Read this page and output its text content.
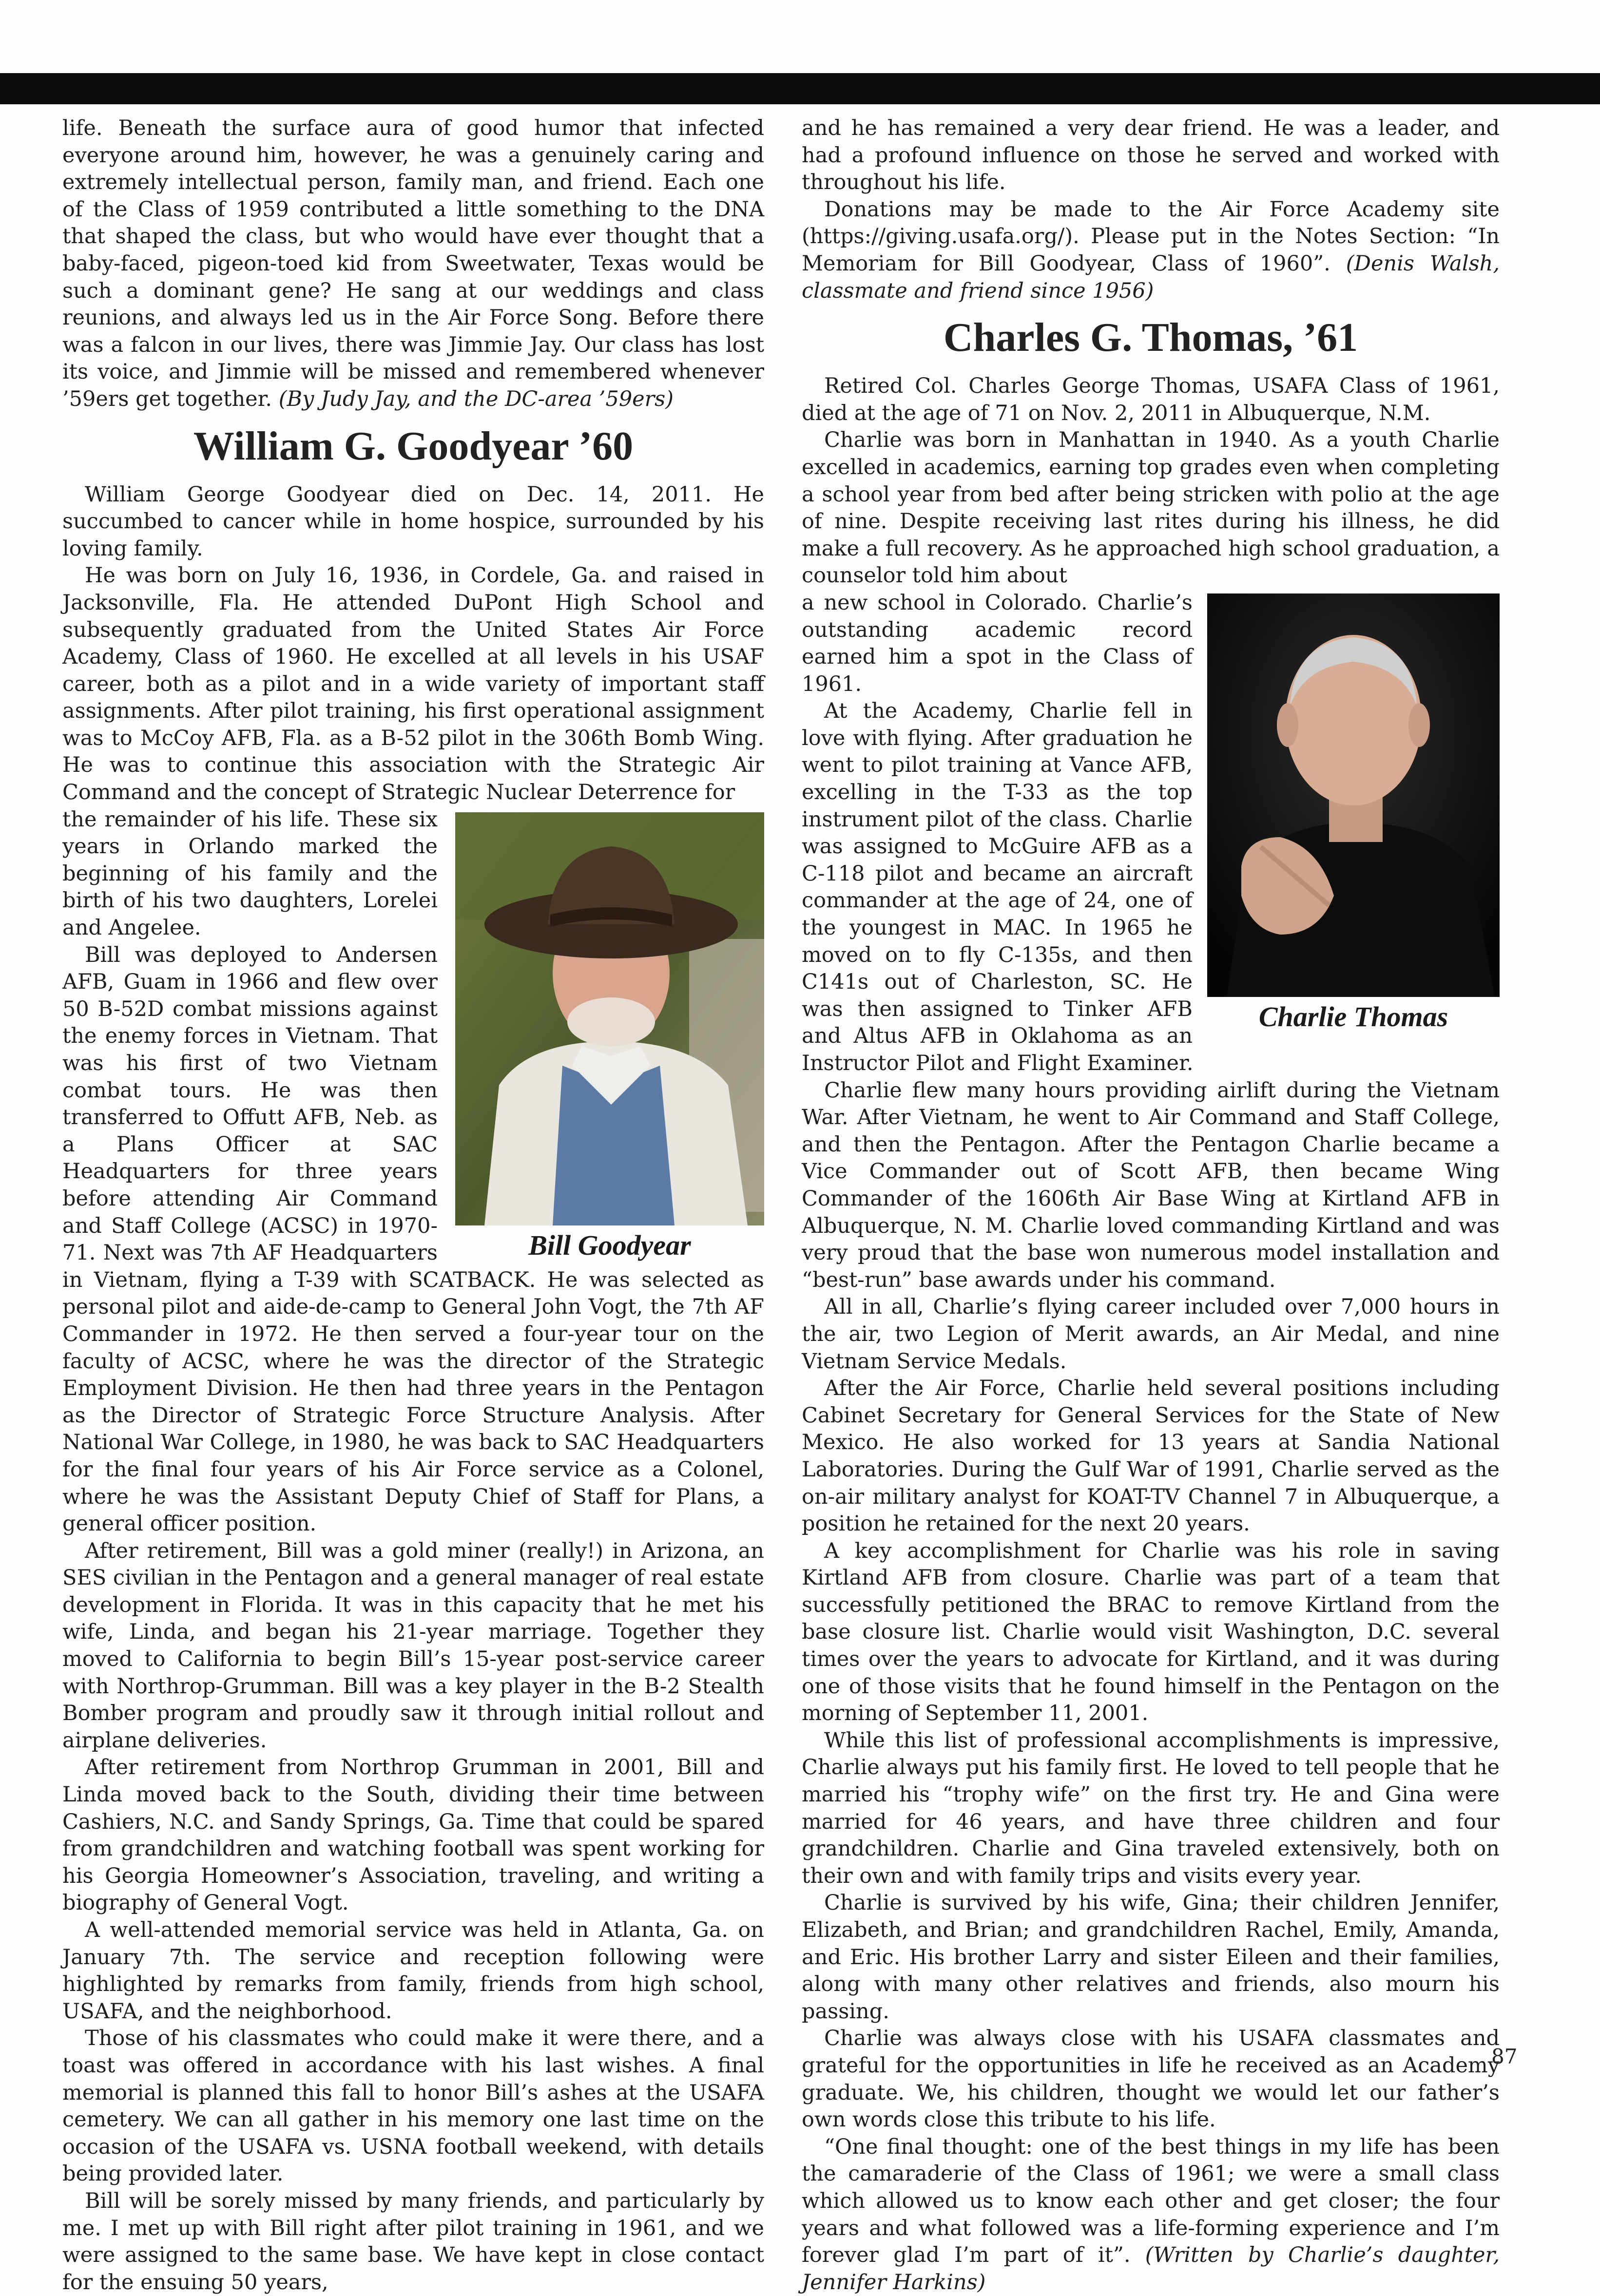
life. Beneath the surface aura of good humor that infected everyone around him, however, he was a genuinely caring and extremely intellectual person, family man, and friend. Each one of the Class of 1959 contributed a little something to the DNA that shaped the class, but who would have ever thought that a baby-faced, pigeon-toed kid from Sweetwater, Texas would be such a dominant gene? He sang at our weddings and class reunions, and always led us in the Air Force Song. Before there was a falcon in our lives, there was Jimmie Jay. Our class has lost its voice, and Jimmie will be missed and remembered whenever ’59ers get together. (By Judy Jay, and the DC-area ’59ers)

William G. Goodyear ’60

William George Goodyear died on Dec. 14, 2011. He succumbed to cancer while in home hospice, surrounded by his loving family.

He was born on July 16, 1936, in Cordele, Ga. and raised in Jacksonville, Fla. He attended DuPont High School and subsequently graduated from the United States Air Force Academy, Class of 1960. He excelled at all levels in his USAF career, both as a pilot and in a wide variety of important staff assignments. After pilot training, his first operational assignment was to McCoy AFB, Fla. as a B-52 pilot in the 306th Bomb Wing. He was to continue this association with the Strategic Air Command and the concept of Strategic Nuclear Deterrence for

Bill Goodyear

the remainder of his life. These six years in Orlando marked the beginning of his family and the birth of his two daughters, Lorelei and Angelee.

Bill was deployed to Andersen AFB, Guam in 1966 and flew over 50 B-52D combat missions against the enemy forces in Vietnam. That was his first of two Vietnam combat tours. He was then transferred to Offutt AFB, Neb. as a Plans Officer at SAC Headquarters for three years before attending Air Command and Staff College (ACSC) in 1970-71. Next was 7th AF Headquarters in Vietnam, flying a T-39 with SCATBACK. He was selected as personal pilot and aide-de-camp to General John Vogt, the 7th AF Commander in 1972. He then served a four-year tour on the faculty of ACSC, where he was the director of the Strategic Employment Division. He then had three years in the Pentagon as the Director of Strategic Force Structure Analysis. After National War College, in 1980, he was back to SAC Headquarters for the final four years of his Air Force service as a Colonel, where he was the Assistant Deputy Chief of Staff for Plans, a general officer position.

After retirement, Bill was a gold miner (really!) in Arizona, an SES civilian in the Pentagon and a general manager of real estate development in Florida. It was in this capacity that he met his wife, Linda, and began his 21-year marriage. Together they moved to California to begin Bill’s 15-year post-service career with Northrop-Grumman. Bill was a key player in the B-2 Stealth Bomber program and proudly saw it through initial rollout and airplane deliveries.

After retirement from Northrop Grumman in 2001, Bill and Linda moved back to the South, dividing their time between Cashiers, N.C. and Sandy Springs, Ga. Time that could be spared from grandchildren and watching football was spent working for his Georgia Homeowner’s Association, traveling, and writing a biography of General Vogt.

A well-attended memorial service was held in Atlanta, Ga. on January 7th. The service and reception following were highlighted by remarks from family, friends from high school, USAFA, and the neighborhood.

Those of his classmates who could make it were there, and a toast was offered in accordance with his last wishes. A final memorial is planned this fall to honor Bill’s ashes at the USAFA cemetery. We can all gather in his memory one last time on the occasion of the USAFA vs. USNA football weekend, with details being provided later.

Bill will be sorely missed by many friends, and particularly by me. I met up with Bill right after pilot training in 1961, and we were assigned to the same base. We have kept in close contact for the ensuing 50 years,

and he has remained a very dear friend. He was a leader, and had a profound influence on those he served and worked with throughout his life.

Donations may be made to the Air Force Academy site (https://giving.usafa.org/). Please put in the Notes Section: “In Memoriam for Bill Goodyear, Class of 1960”. (Denis Walsh, classmate and friend since 1956)

Charles G. Thomas, ’61

Retired Col. Charles George Thomas, USAFA Class of 1961, died at the age of 71 on Nov. 2, 2011 in Albuquerque, N.M.

Charlie was born in Manhattan in 1940. As a youth Charlie excelled in academics, earning top grades even when completing a school year from bed after being stricken with polio at the age of nine. Despite receiving last rites during his illness, he did make a full recovery. As he approached high school graduation, a counselor told him about

Charlie Thomas

a new school in Colorado. Charlie’s outstanding academic record earned him a spot in the Class of 1961.

At the Academy, Charlie fell in love with flying. After graduation he went to pilot training at Vance AFB, excelling in the T-33 as the top instrument pilot of the class. Charlie was assigned to McGuire AFB as a C-118 pilot and became an aircraft commander at the age of 24, one of the youngest in MAC. In 1965 he moved on to fly C-135s, and then C141s out of Charleston, SC. He was then assigned to Tinker AFB and Altus AFB in Oklahoma as an Instructor Pilot and Flight Examiner.

Charlie flew many hours providing airlift during the Vietnam War. After Vietnam, he went to Air Command and Staff College, and then the Pentagon. After the Pentagon Charlie became a Vice Commander out of Scott AFB, then became Wing Commander of the 1606th Air Base Wing at Kirtland AFB in Albuquerque, N. M. Charlie loved commanding Kirtland and was very proud that the base won numerous model installation and “best-run” base awards under his command.

All in all, Charlie’s flying career included over 7,000 hours in the air, two Legion of Merit awards, an Air Medal, and nine Vietnam Service Medals.

After the Air Force, Charlie held several positions including Cabinet Secretary for General Services for the State of New Mexico. He also worked for 13 years at Sandia National Laboratories. During the Gulf War of 1991, Charlie served as the on-air military analyst for KOAT-TV Channel 7 in Albuquerque, a position he retained for the next 20 years.

A key accomplishment for Charlie was his role in saving Kirtland AFB from closure. Charlie was part of a team that successfully petitioned the BRAC to remove Kirtland from the base closure list. Charlie would visit Washington, D.C. several times over the years to advocate for Kirtland, and it was during one of those visits that he found himself in the Pentagon on the morning of September 11, 2001.

While this list of professional accomplishments is impressive, Charlie always put his family first. He loved to tell people that he married his “trophy wife” on the first try. He and Gina were married for 46 years, and have three children and four grandchildren. Charlie and Gina traveled extensively, both on their own and with family trips and visits every year.

Charlie is survived by his wife, Gina; their children Jennifer, Elizabeth, and Brian; and grandchildren Rachel, Emily, Amanda, and Eric. His brother Larry and sister Eileen and their families, along with many other relatives and friends, also mourn his passing.

Charlie was always close with his USAFA classmates and grateful for the opportunities in life he received as an Academy graduate. We, his children, thought we would let our father’s own words close this tribute to his life.

“One final thought: one of the best things in my life has been the camaraderie of the Class of 1961; we were a small class which allowed us to know each other and get closer; the four years and what followed was a life-forming experience and I’m forever glad I’m part of it”. (Written by Charlie’s daughter, Jennifer Harkins)

87
